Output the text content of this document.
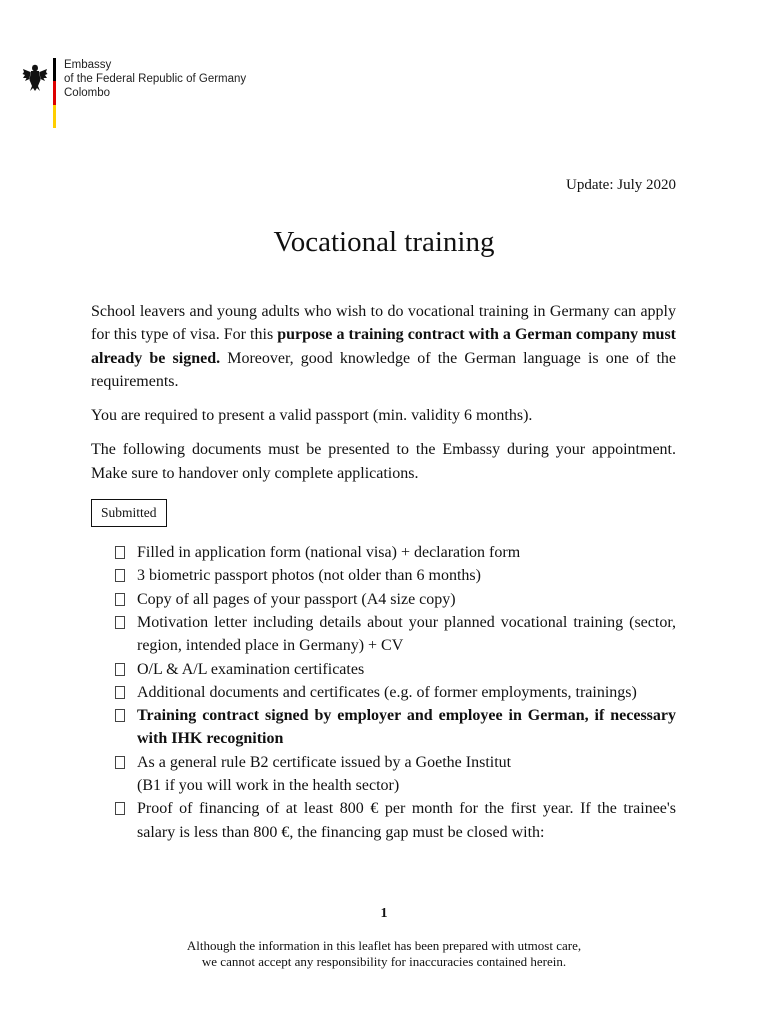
Embassy
of the Federal Republic of Germany
Colombo
Update: July 2020
Vocational training

School leavers and young adults who wish to do vocational training in Germany can apply for this type of visa. For this purpose a training contract with a German company must already be signed. Moreover, good knowledge of the German language is one of the requirements.

You are required to present a valid passport (min. validity 6 months).

The following documents must be presented to the Embassy during your appointment. Make sure to handover only complete applications.

Submitted
Filled in application form (national visa) + declaration form
3 biometric passport photos (not older than 6 months)
Copy of all pages of your passport (A4 size copy)
Motivation letter including details about your planned vocational training (sector, region, intended place in Germany) + CV
O/L & A/L examination certificates
Additional documents and certificates (e.g. of former employments, trainings)
Training contract signed by employer and employee in German, if necessary with IHK recognition
As a general rule B2 certificate issued by a Goethe Institut
(B1 if you will work in the health sector)
Proof of financing of at least 800 € per month for the first year. If the trainee's salary is less than 800 €, the financing gap must be closed with:
1
Although the information in this leaflet has been prepared with utmost care,
we cannot accept any responsibility for inaccuracies contained herein.
